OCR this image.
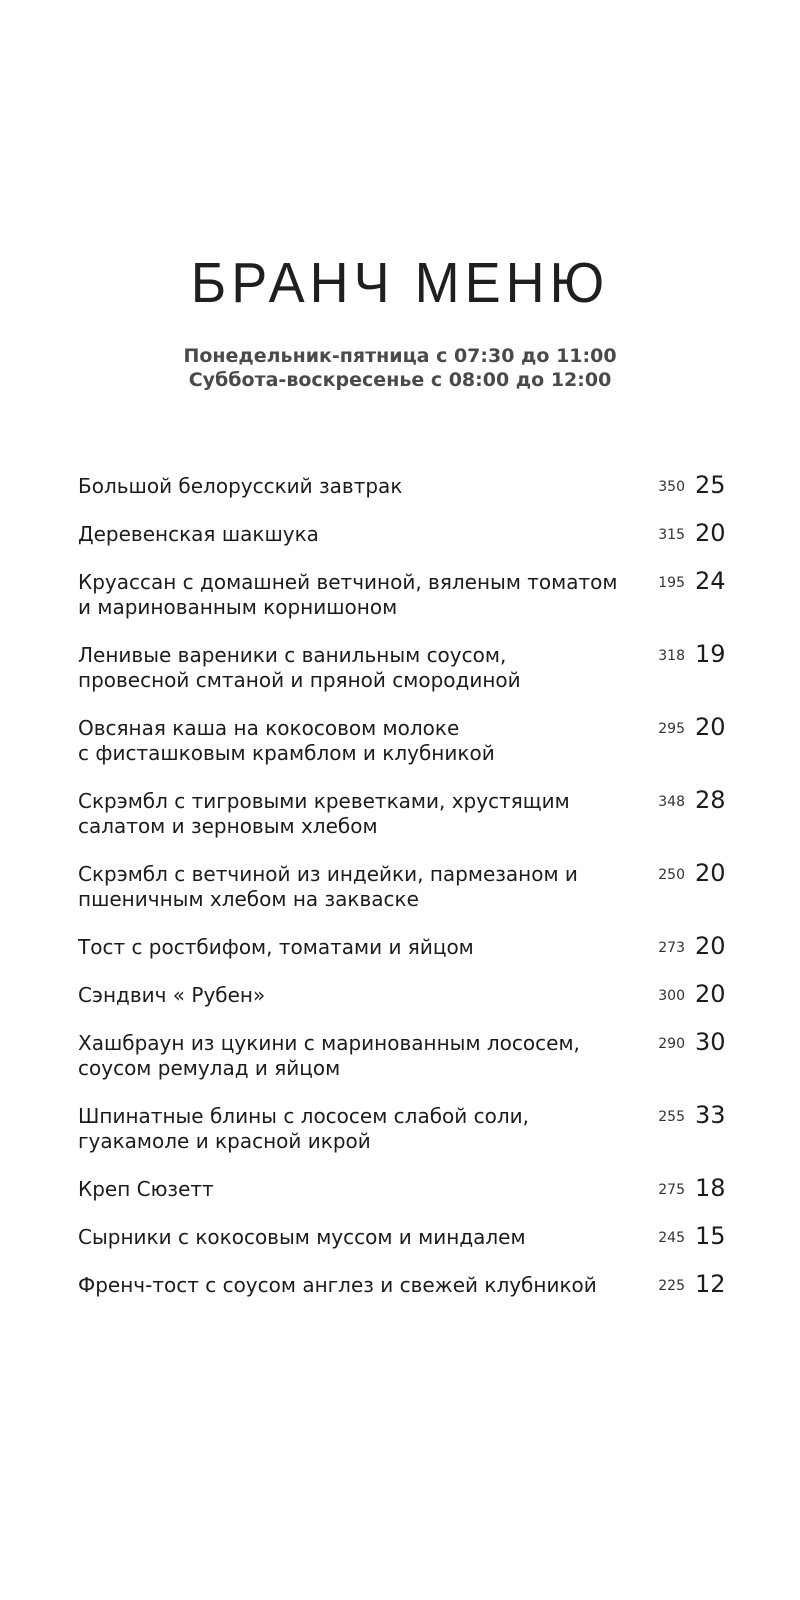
БРАНЧ МЕНЮ
Понедельник-пятница с 07:30 до 11:00
Суббота-воскресенье с 08:00 до 12:00
Большой белорусский завтрак	350 25
Деревенская шакшука	315 20
Круассан с домашней ветчиной, вяленым томатом
и маринованным корнишоном
195 24
Ленивые вареники с ванильным соусом,
провесной смтаной и пряной смородиной
318 19
Овсяная каша на кокосовом молоке
с фисташковым крамблом и клубникой
295 20
Скрэмбл с тигровыми креветками, хрустящим
салатом и зерновым хлебом
348 28
Скрэмбл с ветчиной из индейки, пармезаном и
пшеничным хлебом на закваске
250 20
Тост с ростбифом, томатами и яйцом	273 20
Сэндвич « Рубен»	300 20
Хашбраун из цукини с маринованным лососем,
соусом ремулад и яйцом
290 30
Шпинатные блины с лососем слабой соли,
гуакамоле и красной икрой
255 33
Креп Сюзетт	275 18
Сырники с кокосовым муссом и миндалем	245 15
Френч-тост с соусом англез и свежей клубникой	225 12
